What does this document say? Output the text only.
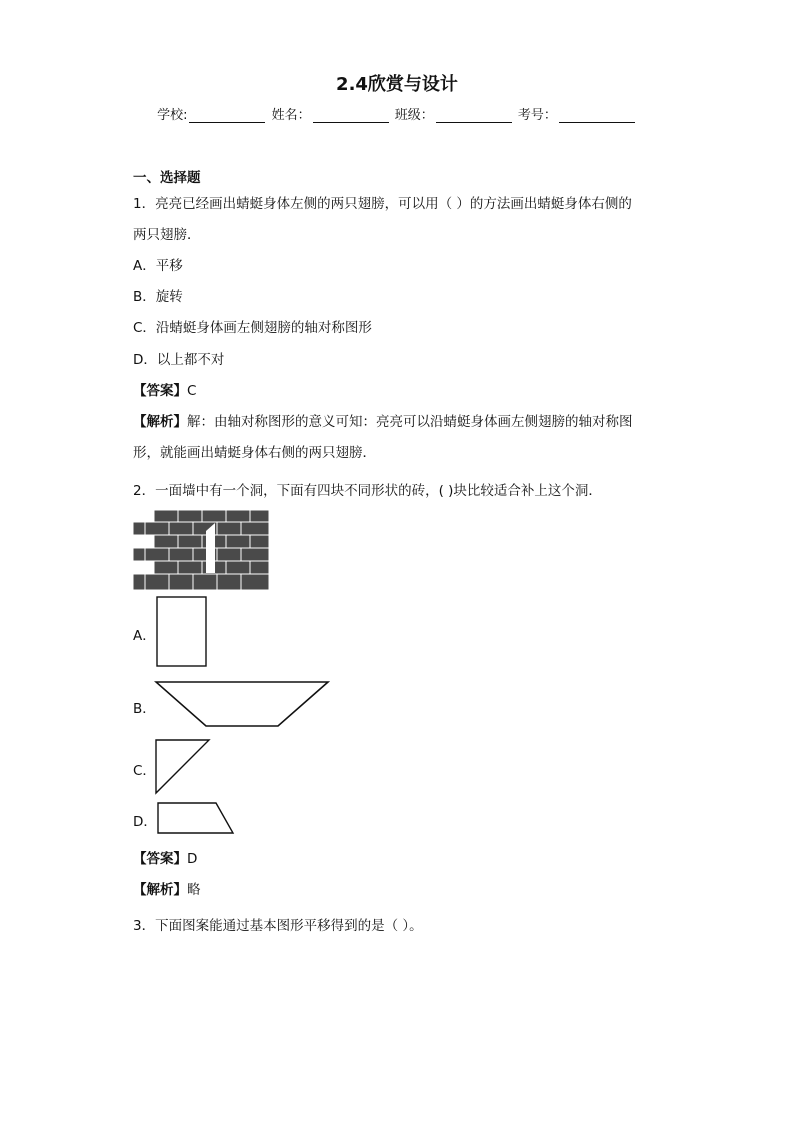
2.4欣赏与设计
学校:	姓名：	班级：	考号：
一、选择题
1．亮亮已经画出蜻蜓身体左侧的两只翅膀，可以用（ ）的方法画出蜻蜓身体右侧的
两只翅膀．
A．平移
B．旋转
C．沿蜻蜓身体画左侧翅膀的轴对称图形
D．以上都不对
【答案】C
【解析】解：由轴对称图形的意义可知：亮亮可以沿蜻蜓身体画左侧翅膀的轴对称图
形，就能画出蜻蜓身体右侧的两只翅膀．
2．一面墙中有一个洞，下面有四块不同形状的砖，( )块比较适合补上这个洞．
A．
B．
C．
D．
【答案】D
【解析】略
3．下面图案能通过基本图形平移得到的是（ ）。
